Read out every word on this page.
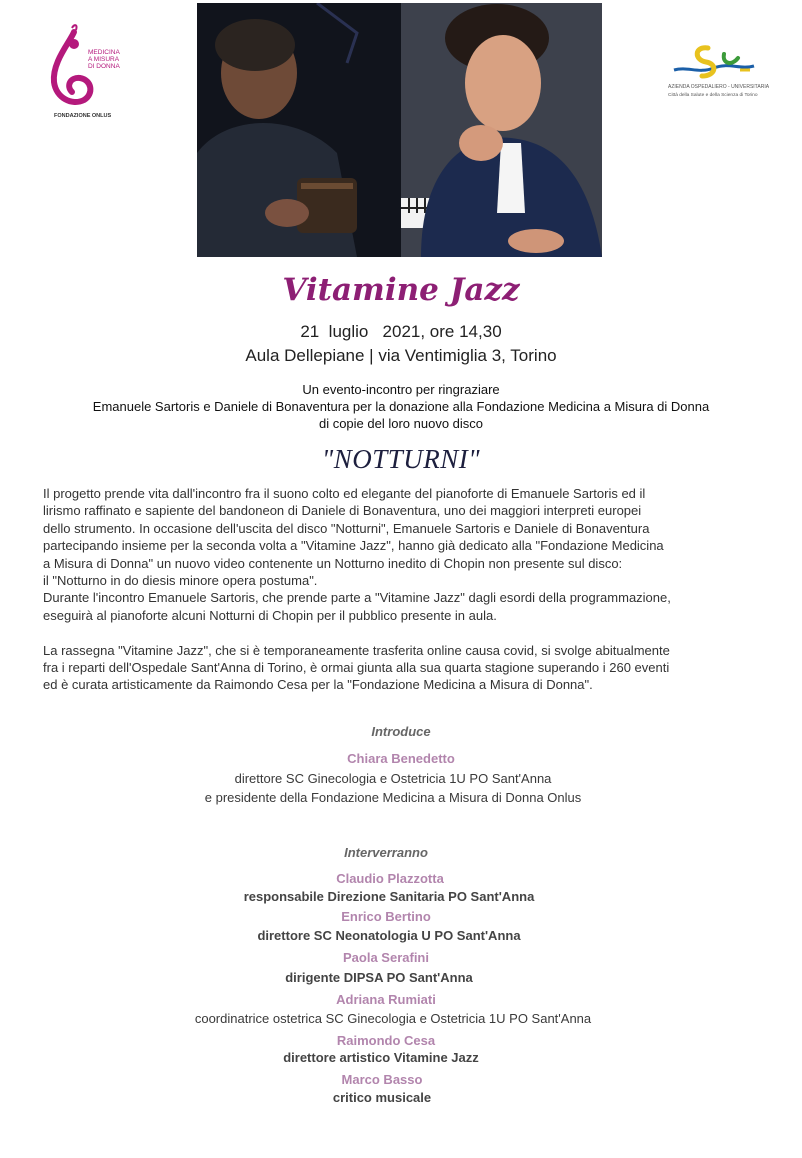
MEDICINA
A MISURA
DI DONNA
FONDAZIONE ONLUS
AZIENDA OSPEDALIERO - UNIVERSITARIA
Città della Salute e della Scienza di Torino
Vitamine Jazz
21  luglio   2021, ore 14,30
Aula Dellepiane | via Ventimiglia 3, Torino
Un evento-incontro per ringraziare
Emanuele Sartoris e Daniele di Bonaventura per la donazione alla Fondazione Medicina a Misura di Donna
di copie del loro nuovo disco
"NOTTURNI"

Il progetto prende vita dall'incontro fra il suono colto ed elegante del pianoforte di Emanuele Sartoris ed il

lirismo raffinato e sapiente del bandoneon di Daniele di Bonaventura, uno dei maggiori interpreti europei

dello strumento. In occasione dell'uscita del disco "Notturni", Emanuele Sartoris e Daniele di Bonaventura

partecipando insieme per la seconda volta a "Vitamine Jazz", hanno già dedicato alla "Fondazione Medicina

a Misura di Donna" un nuovo video contenente un Notturno inedito di Chopin non presente sul disco:

il "Notturno in do diesis minore opera postuma".

Durante l'incontro Emanuele Sartoris, che prende parte a "Vitamine Jazz" dagli esordi della programmazione,

eseguirà al pianoforte alcuni Notturni di Chopin per il pubblico presente in aula.

La rassegna "Vitamine Jazz", che si è temporaneamente trasferita online causa covid, si svolge abitualmente

fra i reparti dell'Ospedale Sant'Anna di Torino, è ormai giunta alla sua quarta stagione superando i 260 eventi

ed è curata artisticamente da Raimondo Cesa per la "Fondazione Medicina a Misura di Donna".

Introduce
Chiara Benedetto
direttore SC Ginecologia e Ostetricia 1U PO Sant'Anna
e presidente della Fondazione Medicina a Misura di Donna Onlus
Interverranno
Claudio Plazzotta
responsabile Direzione Sanitaria PO Sant'Anna
Enrico Bertino
direttore SC Neonatologia U PO Sant'Anna
Paola Serafini
dirigente DIPSA PO Sant'Anna
Adriana Rumiati
coordinatrice ostetrica SC Ginecologia e Ostetricia 1U PO Sant'Anna
Raimondo Cesa
direttore artistico Vitamine Jazz
Marco Basso
critico musicale
